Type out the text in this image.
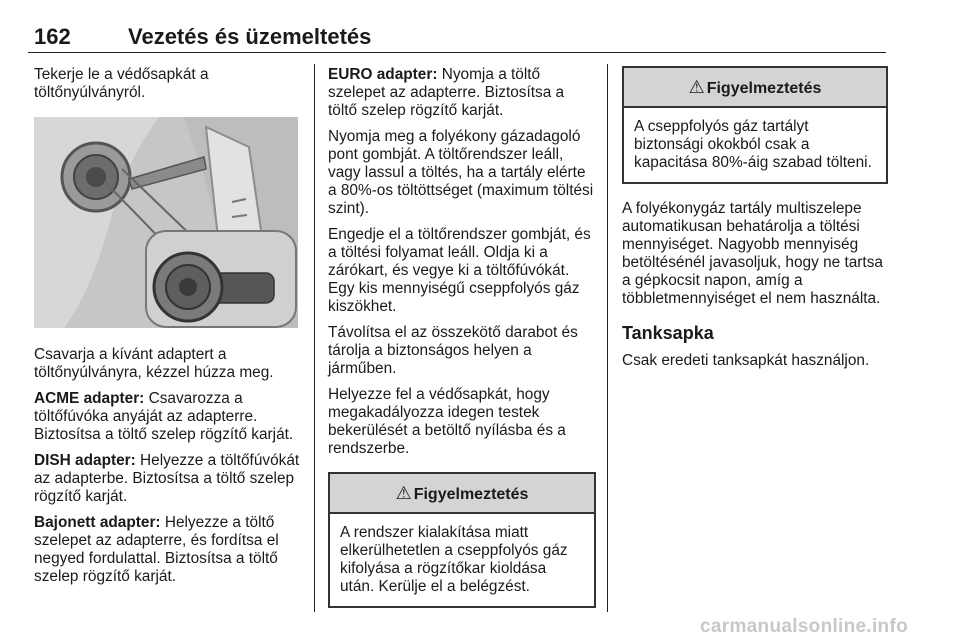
162	Vezetés és üzemeltetés

Tekerje le a védősapkát a töltőnyúlványról.

Csavarja a kívánt adaptert a töltőnyúlványra, kézzel húzza meg.

ACME adapter: Csavarozza a töltőfúvóka anyáját az adapterre. Biztosítsa a töltő szelep rögzítő karját.

DISH adapter: Helyezze a töltőfúvókát az adapterbe. Biztosítsa a töltő szelep rögzítő karját.

Bajonett adapter: Helyezze a töltő szelepet az adapterre, és fordítsa el negyed fordulattal. Biztosítsa a töltő szelep rögzítő karját.

EURO adapter: Nyomja a töltő szelepet az adapterre. Biztosítsa a töltő szelep rögzítő karját.

Nyomja meg a folyékony gázadagoló pont gombját. A töltőrendszer leáll, vagy lassul a töltés, ha a tartály elérte a 80%-os töltöttséget (maximum töltési szint).

Engedje el a töltőrendszer gombját, és a töltési folyamat leáll. Oldja ki a zárókart, és vegye ki a töltőfúvókát. Egy kis mennyiségű cseppfolyós gáz kiszökhet.

Távolítsa el az összekötő darabot és tárolja a biztonságos helyen a járműben.

Helyezze fel a védősapkát, hogy megakadályozza idegen testek bekerülését a betöltő nyílásba és a rendszerbe.

⚠ Figyelmeztetés
A rendszer kialakítása miatt elkerülhetetlen a cseppfolyós gáz kifolyása a rögzítőkar kioldása után. Kerülje el a belégzést.
⚠ Figyelmeztetés
A cseppfolyós gáz tartályt biztonsági okokból csak a kapacitása 80%-áig szabad tölteni.

A folyékonygáz tartály multiszelepe automatikusan behatárolja a töltési mennyiséget. Nagyobb mennyiség betöltésénél javasoljuk, hogy ne tartsa a gépkocsit napon, amíg a többletmennyiséget el nem használta.

Tanksapka

Csak eredeti tanksapkát használjon.

carmanualsonline.info
